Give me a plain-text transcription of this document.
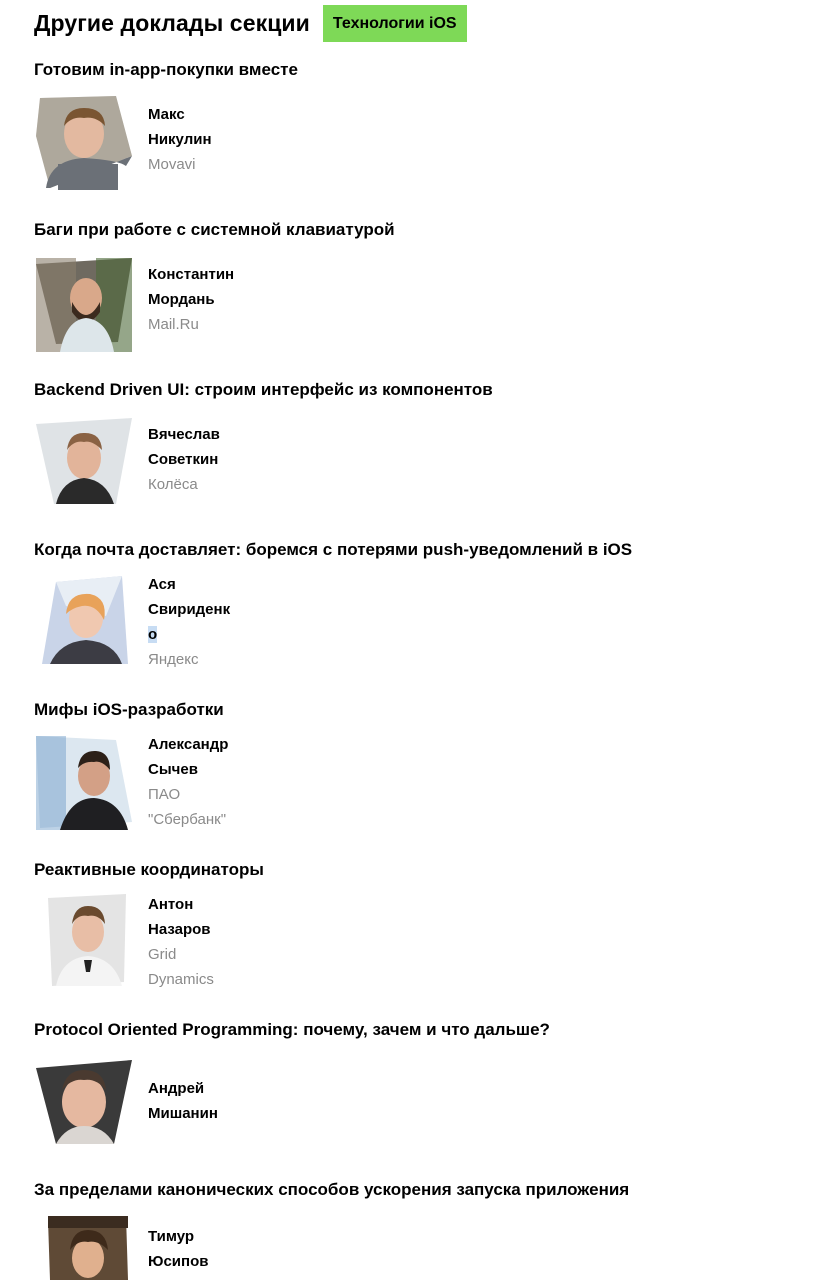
Другие доклады секции	Технологии iOS
Готовим in-app-покупки вместе
Макс
Никулин
Movavi
Баги при работе с системной клавиатурой
Константин
Мордань
Mail.Ru
Backend Driven UI: строим интерфейс из компонентов
Вячеслав
Советкин
Колёса
Когда почта доставляет: боремся с потерями push-уведомлений в iOS
Ася
Свириденк
о
Яндекс
Мифы iOS-разработки
Александр
Сычев
ПАО
"Сбербанк"
Реактивные координаторы
Антон
Назаров
Grid
Dynamics
Protocol Oriented Programming: почему, зачем и что дальше?
Андрей
Мишанин
За пределами канонических способов ускорения запуска приложения
Тимур
Юсипов
